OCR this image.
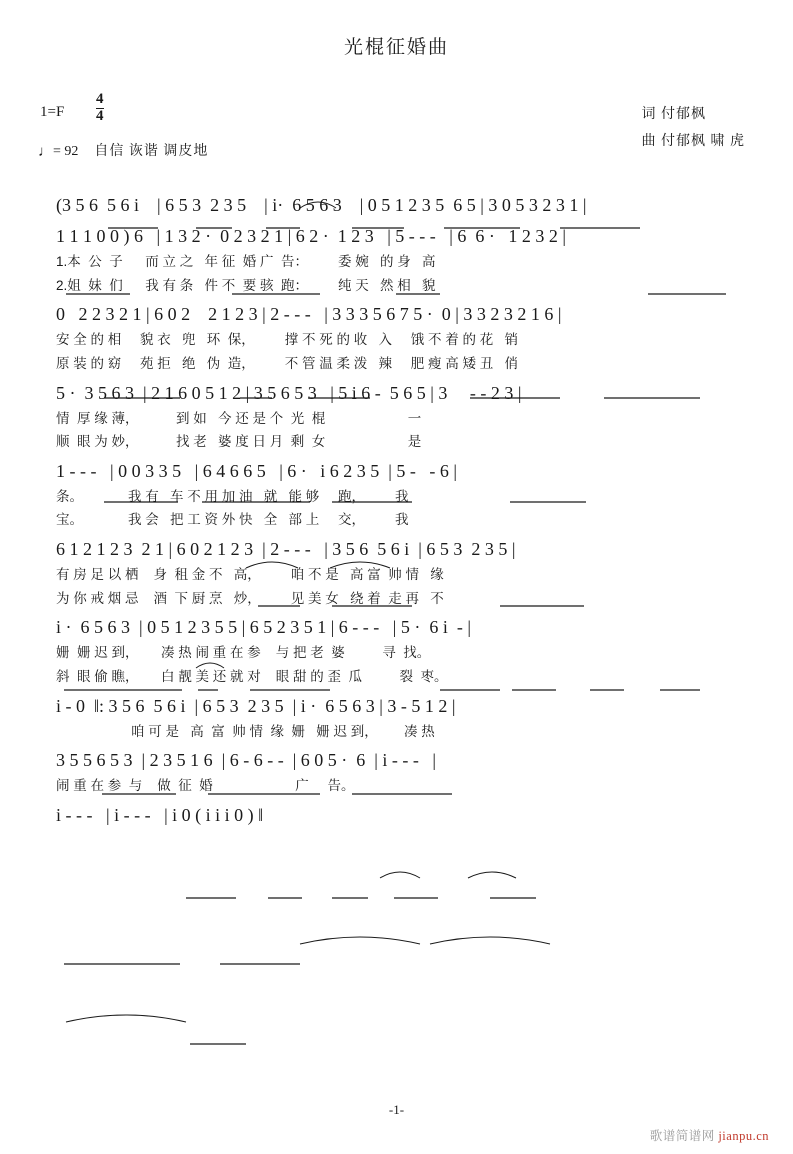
光棍征婚曲
$1=F \frac{4}{4}$
♩= 92 自信 诙谐 调皮地
词 付郁枫
曲 付郁枫 啸 虎
(3 5 6  5 6 i    | 6 5 3  2 3 5    | i·  6 5 6 3    | 0 5 1 2 3 5  6 5 | 3 0 5 3 2 3 1 |
1 1 1 0 0 ) 6   | 1 3 2 ·  0 2 3 2 1 | 6 2 ·  1 2 3   | 5 - - -   | 6  6 ·   1 2 3 2 |
1.本  公  子      而 立 之   年 征  婚 广  告：        委 婉   的 身   高
2.姐  妹  们      我 有 条   件 不  要 骇  跑：        纯 天   然 相   貌
0   2 2 3 2 1 | 6 0 2    2 1 2 3 | 2 - - -   | 3 3 3 5 6 7 5 ·  0 | 3 3 2 3 2 1 6 |
安 全 的 相     貌 衣   兜   环  保，        撑 不 死 的 收   入     饿 不 着 的 花   销
原 装 的 窈     苑 拒   绝   伪  造，        不 管 温 柔 泼   辣     肥 瘦 高 矮 丑   俏
5 ·  3 5 6 3  | 2 1 6 0 5 1 2 | 3 5 6 5 3   | 5 i 6 -  5 6 5 | 3     - - 2 3 |
情  厚 缘 薄，          到 如   今 还 是 个  光  棍                      一
顺  眼 为 妙，          找 老   婆 度 日 月  剩  女                      是
1 - - -   | 0 0 3 3 5   | 6 4 6 6 5   | 6 ·   i 6 2 3 5  | 5 -   - 6 |
条。            我 有   车 不 用 加 油   就   能 够     跑，        我
宝。            我 会   把 工 资 外 快   全   部 上     交，        我
6 1 2 1 2 3  2 1 | 6 0 2 1 2 3  | 2 - - -   | 3 5 6  5 6 i  | 6 5 3  2 3 5 |
有 房 足 以 栖    身  租 金 不   高，        咱 不 是   高 富  帅 情   缘
为 你 戒 烟 忌    酒  下 厨 烹   炒，        见 美 女   绕 着  走 再   不
i ·  6 5 6 3  | 0 5 1 2 3 5 5 | 6 5 2 3 5 1 | 6 - - -   | 5 ·  6 i  - |
姗  姗 迟 到，      凑 热 闹 重 在 参    与 把 老  婆          寻  找。
斜  眼 偷 瞧，      白 靓 美 还 就 对    眼 甜 的 歪  瓜          裂  枣。
i - 0  ‖: 3 5 6  5 6 i  | 6 5 3  2 3 5  | i ·  6 5 6 3 | 3 - 5 1 2 |
咱 可 是   高  富  帅 情  缘  姗   姗 迟 到，       凑 热
3 5 5 6 5 3  | 2 3 5 1 6  | 6 - 6 - -  | 6 0 5 ·  6  | i - - -   |
闹 重 在 参  与    做  征  婚                      广     告。
i - - -   | i - - -   | i 0 ( i i i 0 ) ‖
-1-
歌谱简谱网 jianpu.cn
